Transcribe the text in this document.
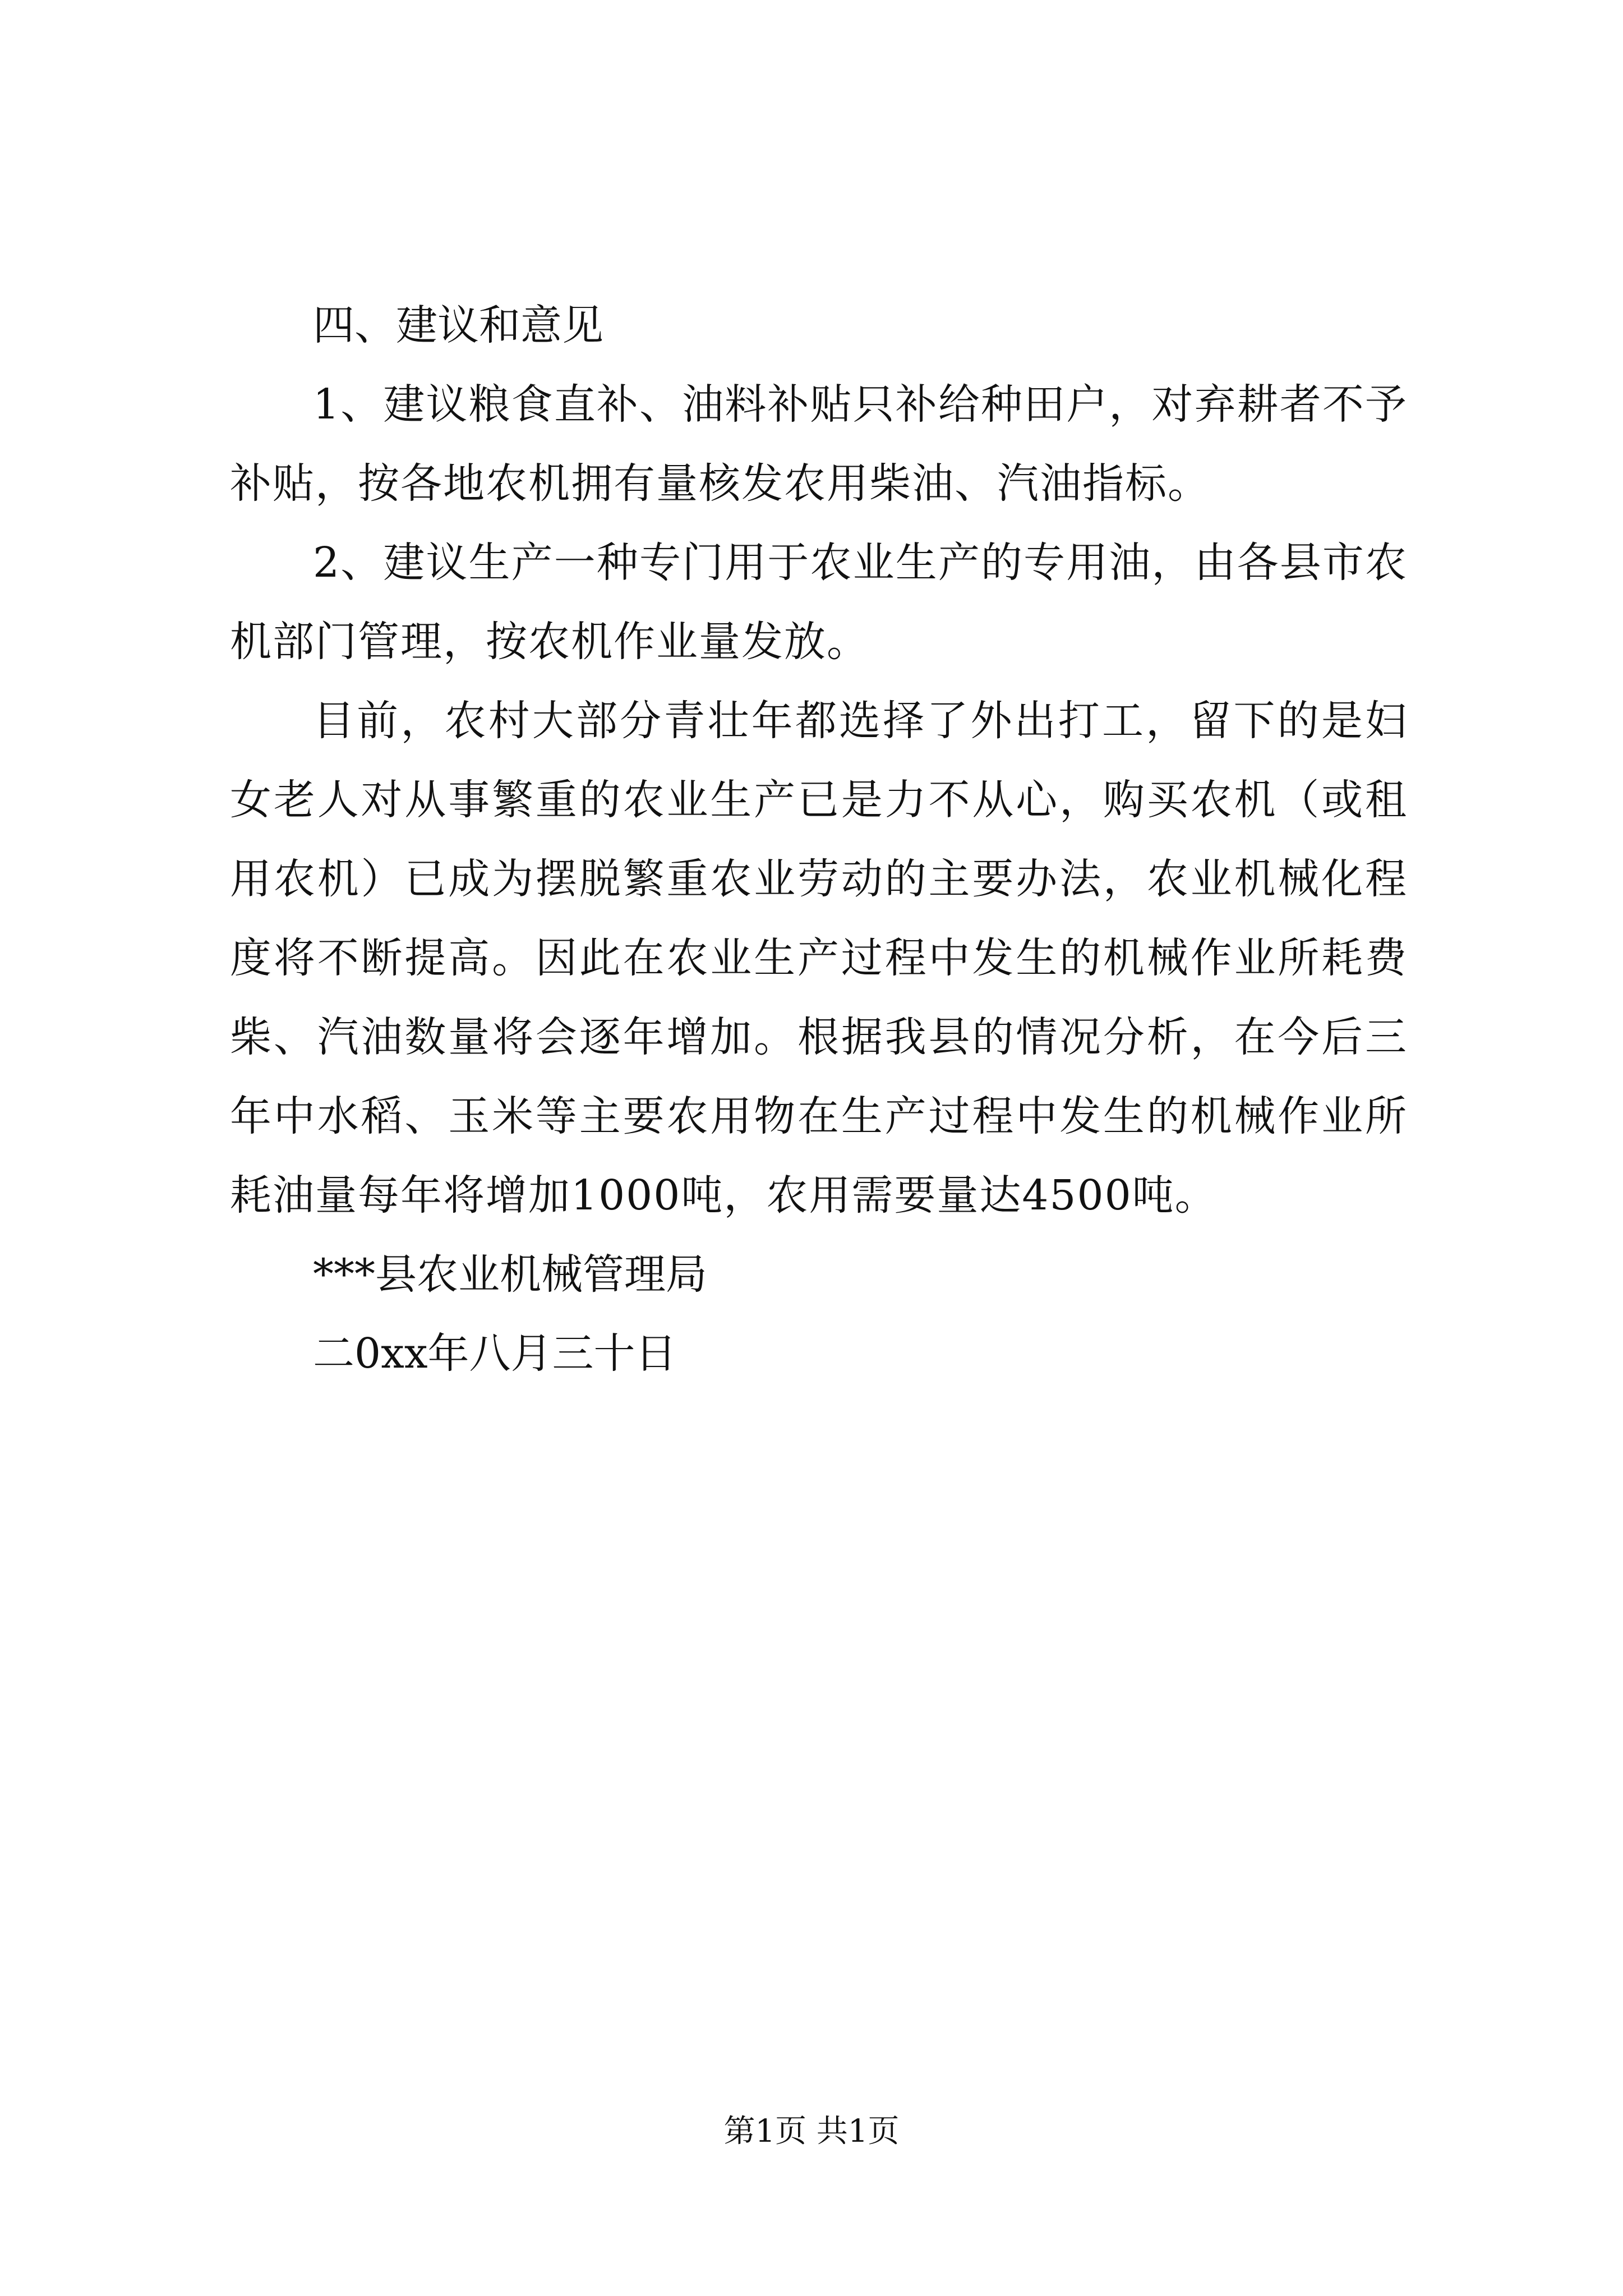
四、建议和意见

1、建议粮食直补、油料补贴只补给种田户，对弃耕者不予补贴，按各地农机拥有量核发农用柴油、汽油指标。

2、建议生产一种专门用于农业生产的专用油，由各县市农机部门管理，按农机作业量发放。

目前，农村大部分青壮年都选择了外出打工，留下的是妇女老人对从事繁重的农业生产已是力不从心，购买农机（或租用农机）已成为摆脱繁重农业劳动的主要办法，农业机械化程度将不断提高。因此在农业生产过程中发生的机械作业所耗费柴、汽油数量将会逐年增加。根据我县的情况分析，在今后三年中水稻、玉米等主要农用物在生产过程中发生的机械作业所耗油量每年将增加1000吨，农用需要量达4500吨。

***县农业机械管理局

二0xx年八月三十日

第1页 共1页
